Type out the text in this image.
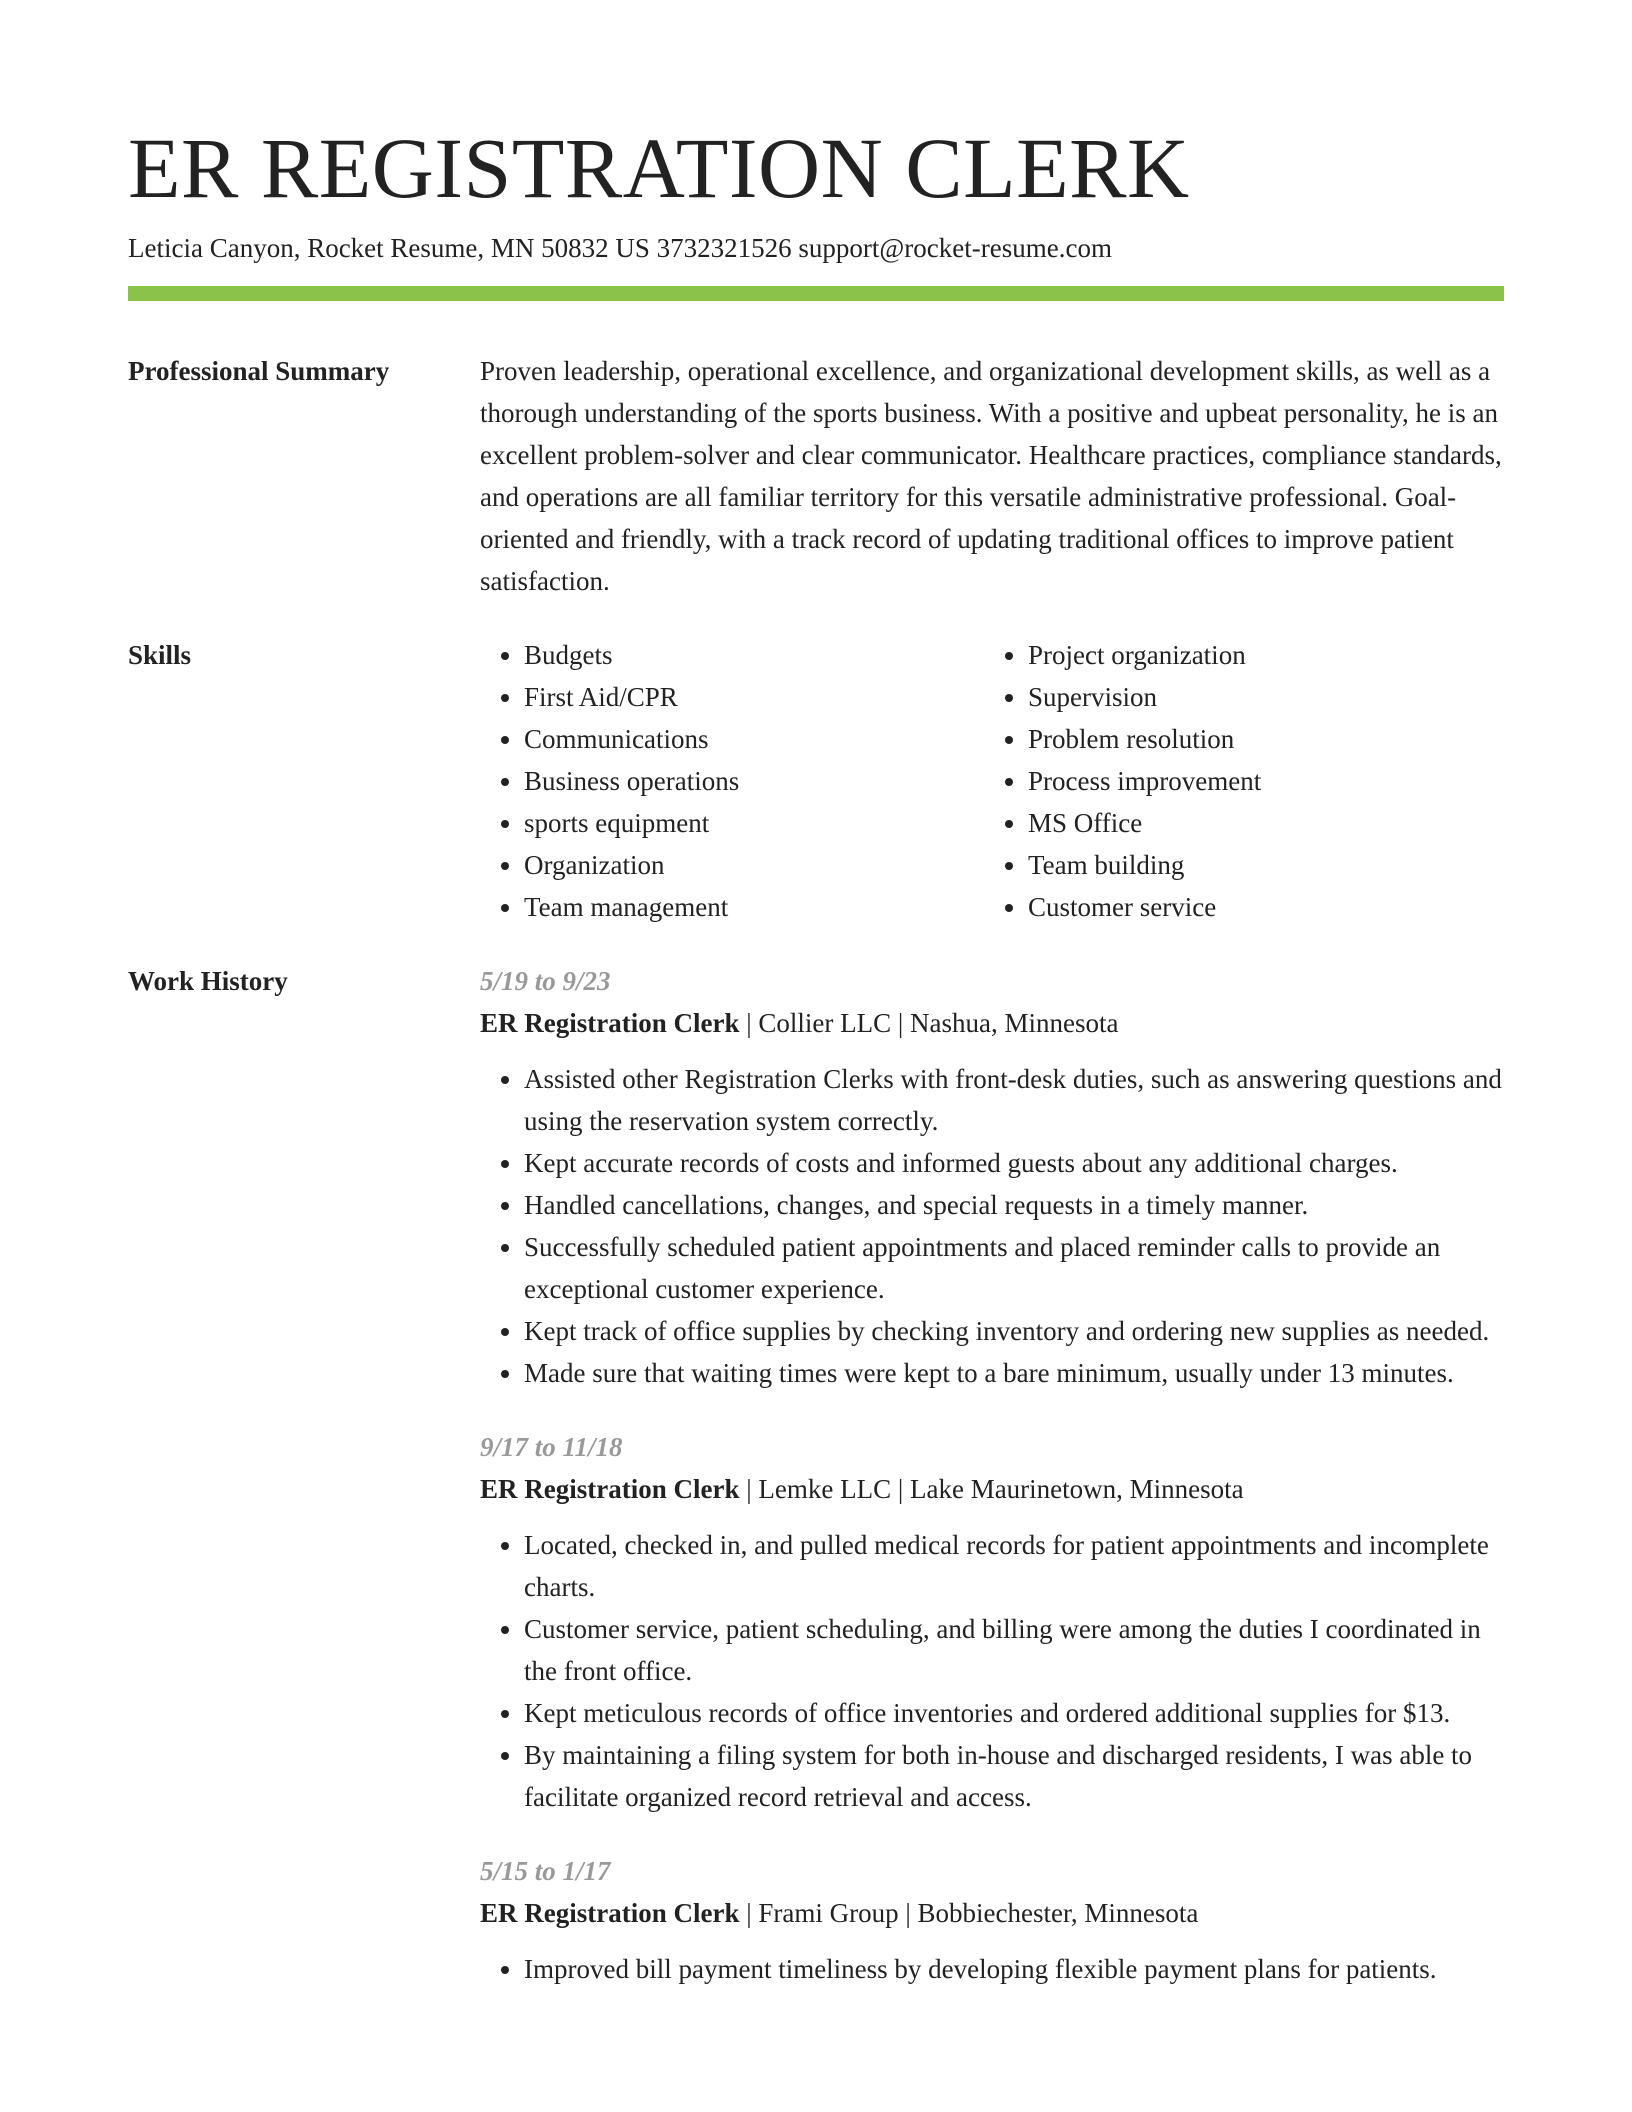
ER REGISTRATION CLERK
Leticia Canyon, Rocket Resume, MN 50832 US 3732321526 support@rocket-resume.com
Professional Summary	Proven leadership, operational excellence, and organizational development skills, as well as a thorough understanding of the sports business. With a positive and upbeat personality, he is an excellent problem-solver and clear communicator. Healthcare practices, compliance standards, and operations are all familiar territory for this versatile administrative professional. Goal-oriented and friendly, with a track record of updating traditional offices to improve patient satisfaction.

Skills
•	Budgets
• First Aid/CPR
• Communications
• Business operations
• sports equipment
• Organization
• Team management
• Project organization
• Supervision
• Problem resolution
• Process improvement
• MS Office
• Team building
• Customer service
Work History	5/19 to 9/23
ER Registration Clerk | Collier LLC | Nashua, Minnesota
• Assisted other Registration Clerks with front-desk duties, such as answering questions and using the reservation system correctly.
• Kept accurate records of costs and informed guests about any additional charges.
• Handled cancellations, changes, and special requests in a timely manner.
• Successfully scheduled patient appointments and placed reminder calls to provide an exceptional customer experience.
• Kept track of office supplies by checking inventory and ordering new supplies as needed.
• Made sure that waiting times were kept to a bare minimum, usually under 13 minutes.
9/17 to 11/18
ER Registration Clerk | Lemke LLC | Lake Maurinetown, Minnesota
• Located, checked in, and pulled medical records for patient appointments and incomplete charts.
• Customer service, patient scheduling, and billing were among the duties I coordinated in the front office.
• Kept meticulous records of office inventories and ordered additional supplies for $13.
• By maintaining a filing system for both in-house and discharged residents, I was able to facilitate organized record retrieval and access.
5/15 to 1/17
ER Registration Clerk | Frami Group | Bobbiechester, Minnesota
• Improved bill payment timeliness by developing flexible payment plans for patients.
